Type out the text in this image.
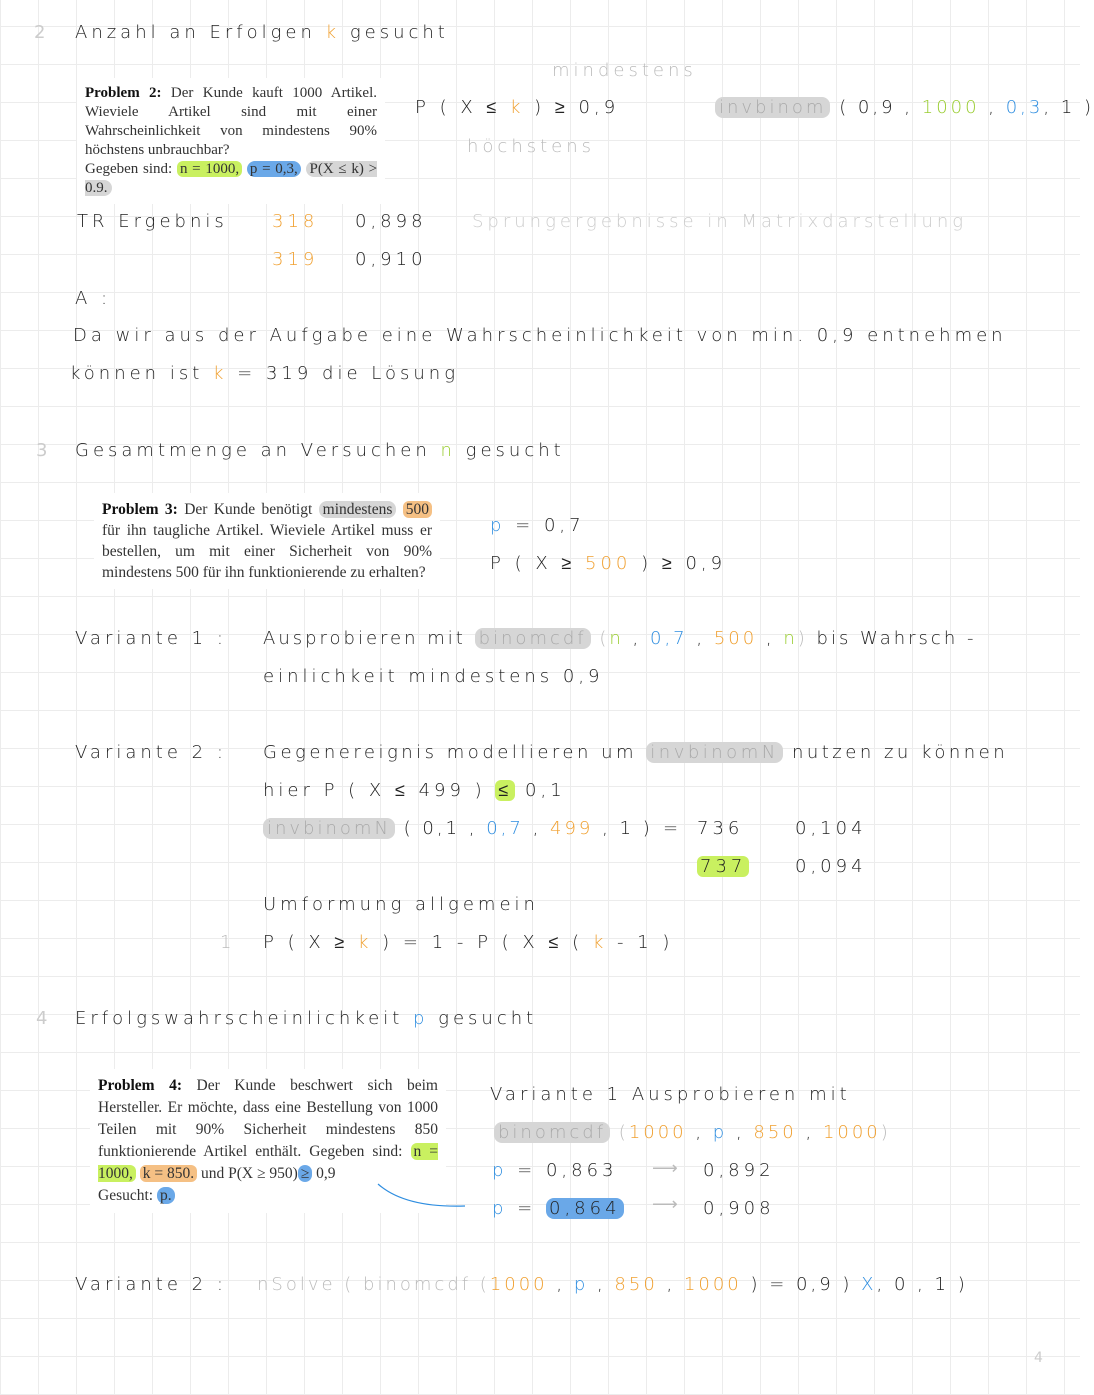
2 Anzahl an Erfolgen k gesucht
Problem 2: Der Kunde kauft 1000 Artikel. Wieviele Artikel sind mit einer Wahrscheinlichkeit von mindestens 90% höchstens unbrauchbar?
Gegeben sind: n = 1000, p = 0,3, P(X ≤ k) > 0.9.
mindestens
höchstens
P ( X ≤ k ) ≥ 0,9	invbinom ( 0,9 , 1000 , 0,3, 1 )
TR Ergebnis 318 0,898	Sprungergebnisse in Matrixdarstellung
319 0,910
A :
Da wir aus der Aufgabe eine Wahrscheinlichkeit von min. 0,9 entnehmen
können ist k = 319 die Lösung
3 Gesamtmenge an Versuchen n gesucht
Problem 3: Der Kunde benötigt mindestens 500 für ihn taugliche Artikel. Wieviele Artikel muss er bestellen, um mit einer Sicherheit von 90% mindestens 500 für ihn funktionierende zu erhalten?
p = 0,7
P ( X ≥ 500 ) ≥ 0,9
Variante 1 : Ausprobieren mit binomcdf (n , 0,7 , 500 , n) bis Wahrsch -
einlichkeit mindestens 0,9
Variante 2 : Gegenereignis modellieren um invbinomN nutzen zu können
hier P ( X ≤ 499 ) ≤ 0,1
invbinomN ( 0,1 , 0,7 , 499 , 1 ) = 736	0,104
737	0,094
Umformung allgemein
1 P ( X ≥ k ) = 1 - P ( X ≤ ( k - 1 )
4 Erfolgswahrscheinlichkeit p gesucht
Problem 4: Der Kunde beschwert sich beim Hersteller. Er möchte, dass eine Bestellung von 1000 Teilen mit 90% Sicherheit mindestens 850 funktionierende Artikel enthält. Gegeben sind: n = 1000, k = 850. und P(X ≥ 950) ≥ 0,9
Gesucht: p.
Variante 1 Ausprobieren mit
binomcdf (1000 , p , 850 , 1000)
p = 0,863 ⟶ 0,892
p = 0,864 ⟶ 0,908
Variante 2 : nSolve ( binomcdf (1000 , p , 850 , 1000 ) = 0,9 ) X, 0 , 1 )
4
